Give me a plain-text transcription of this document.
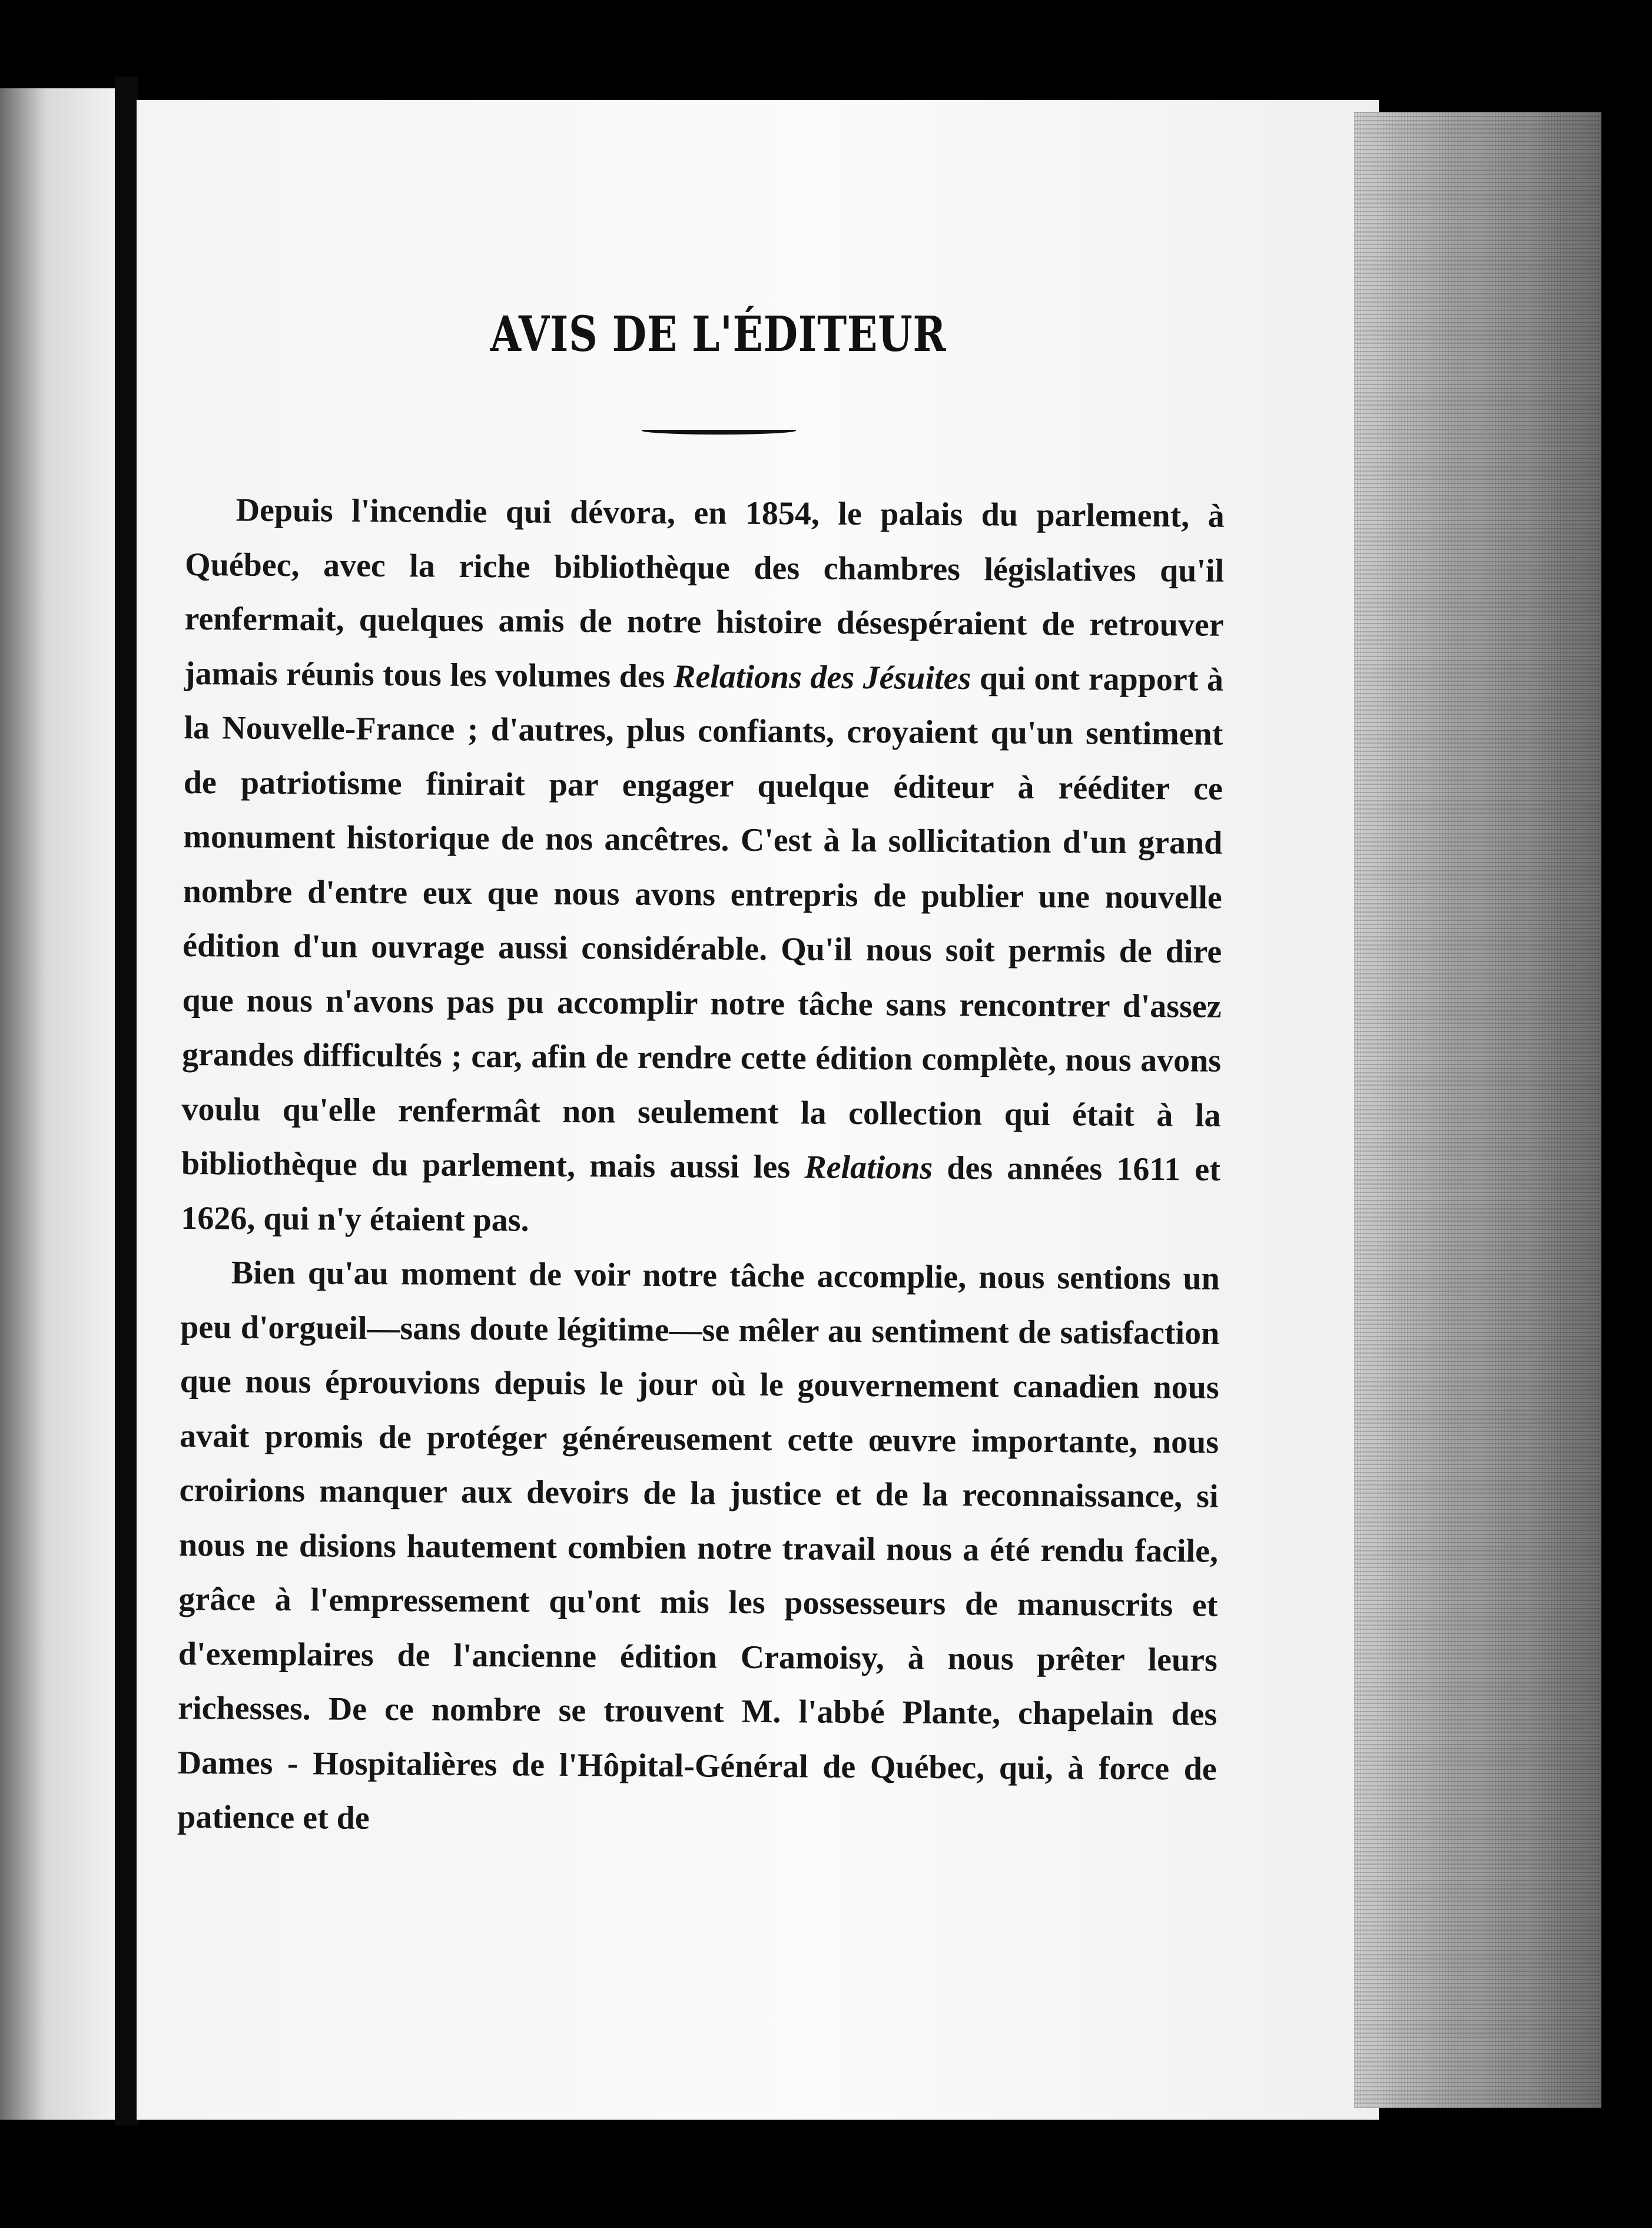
AVIS DE L'ÉDITEUR

Depuis l'incendie qui dévora, en 1854, le palais du parlement, à Québec, avec la riche bibliothèque des chambres législatives qu'il renfermait, quelques amis de notre histoire désespéraient de retrouver jamais réunis tous les volumes des Relations des Jésuites qui ont rapport à la Nouvelle-France ; d'autres, plus confiants, croyaient qu'un sentiment de patriotisme finirait par engager quelque éditeur à rééditer ce monument historique de nos ancêtres. C'est à la sollicitation d'un grand nombre d'entre eux que nous avons entrepris de publier une nouvelle édition d'un ouvrage aussi considérable. Qu'il nous soit permis de dire que nous n'avons pas pu accomplir notre tâche sans rencontrer d'assez grandes difficultés ; car, afin de rendre cette édition complète, nous avons voulu qu'elle renfermât non seulement la collection qui était à la bibliothèque du parlement, mais aussi les Relations des années 1611 et 1626, qui n'y étaient pas.

Bien qu'au moment de voir notre tâche accomplie, nous sentions un peu d'orgueil—sans doute légitime—se mêler au sentiment de satisfaction que nous éprouvions depuis le jour où le gouvernement canadien nous avait promis de protéger généreusement cette œuvre importante, nous croirions manquer aux devoirs de la justice et de la reconnaissance, si nous ne disions hautement combien notre travail nous a été rendu facile, grâce à l'empressement qu'ont mis les possesseurs de manuscrits et d'exemplaires de l'ancienne édition Cramoisy, à nous prêter leurs richesses. De ce nombre se trouvent M. l'abbé Plante, chapelain des Dames - Hospitalières de l'Hôpital-Général de Québec, qui, à force de patience et de
